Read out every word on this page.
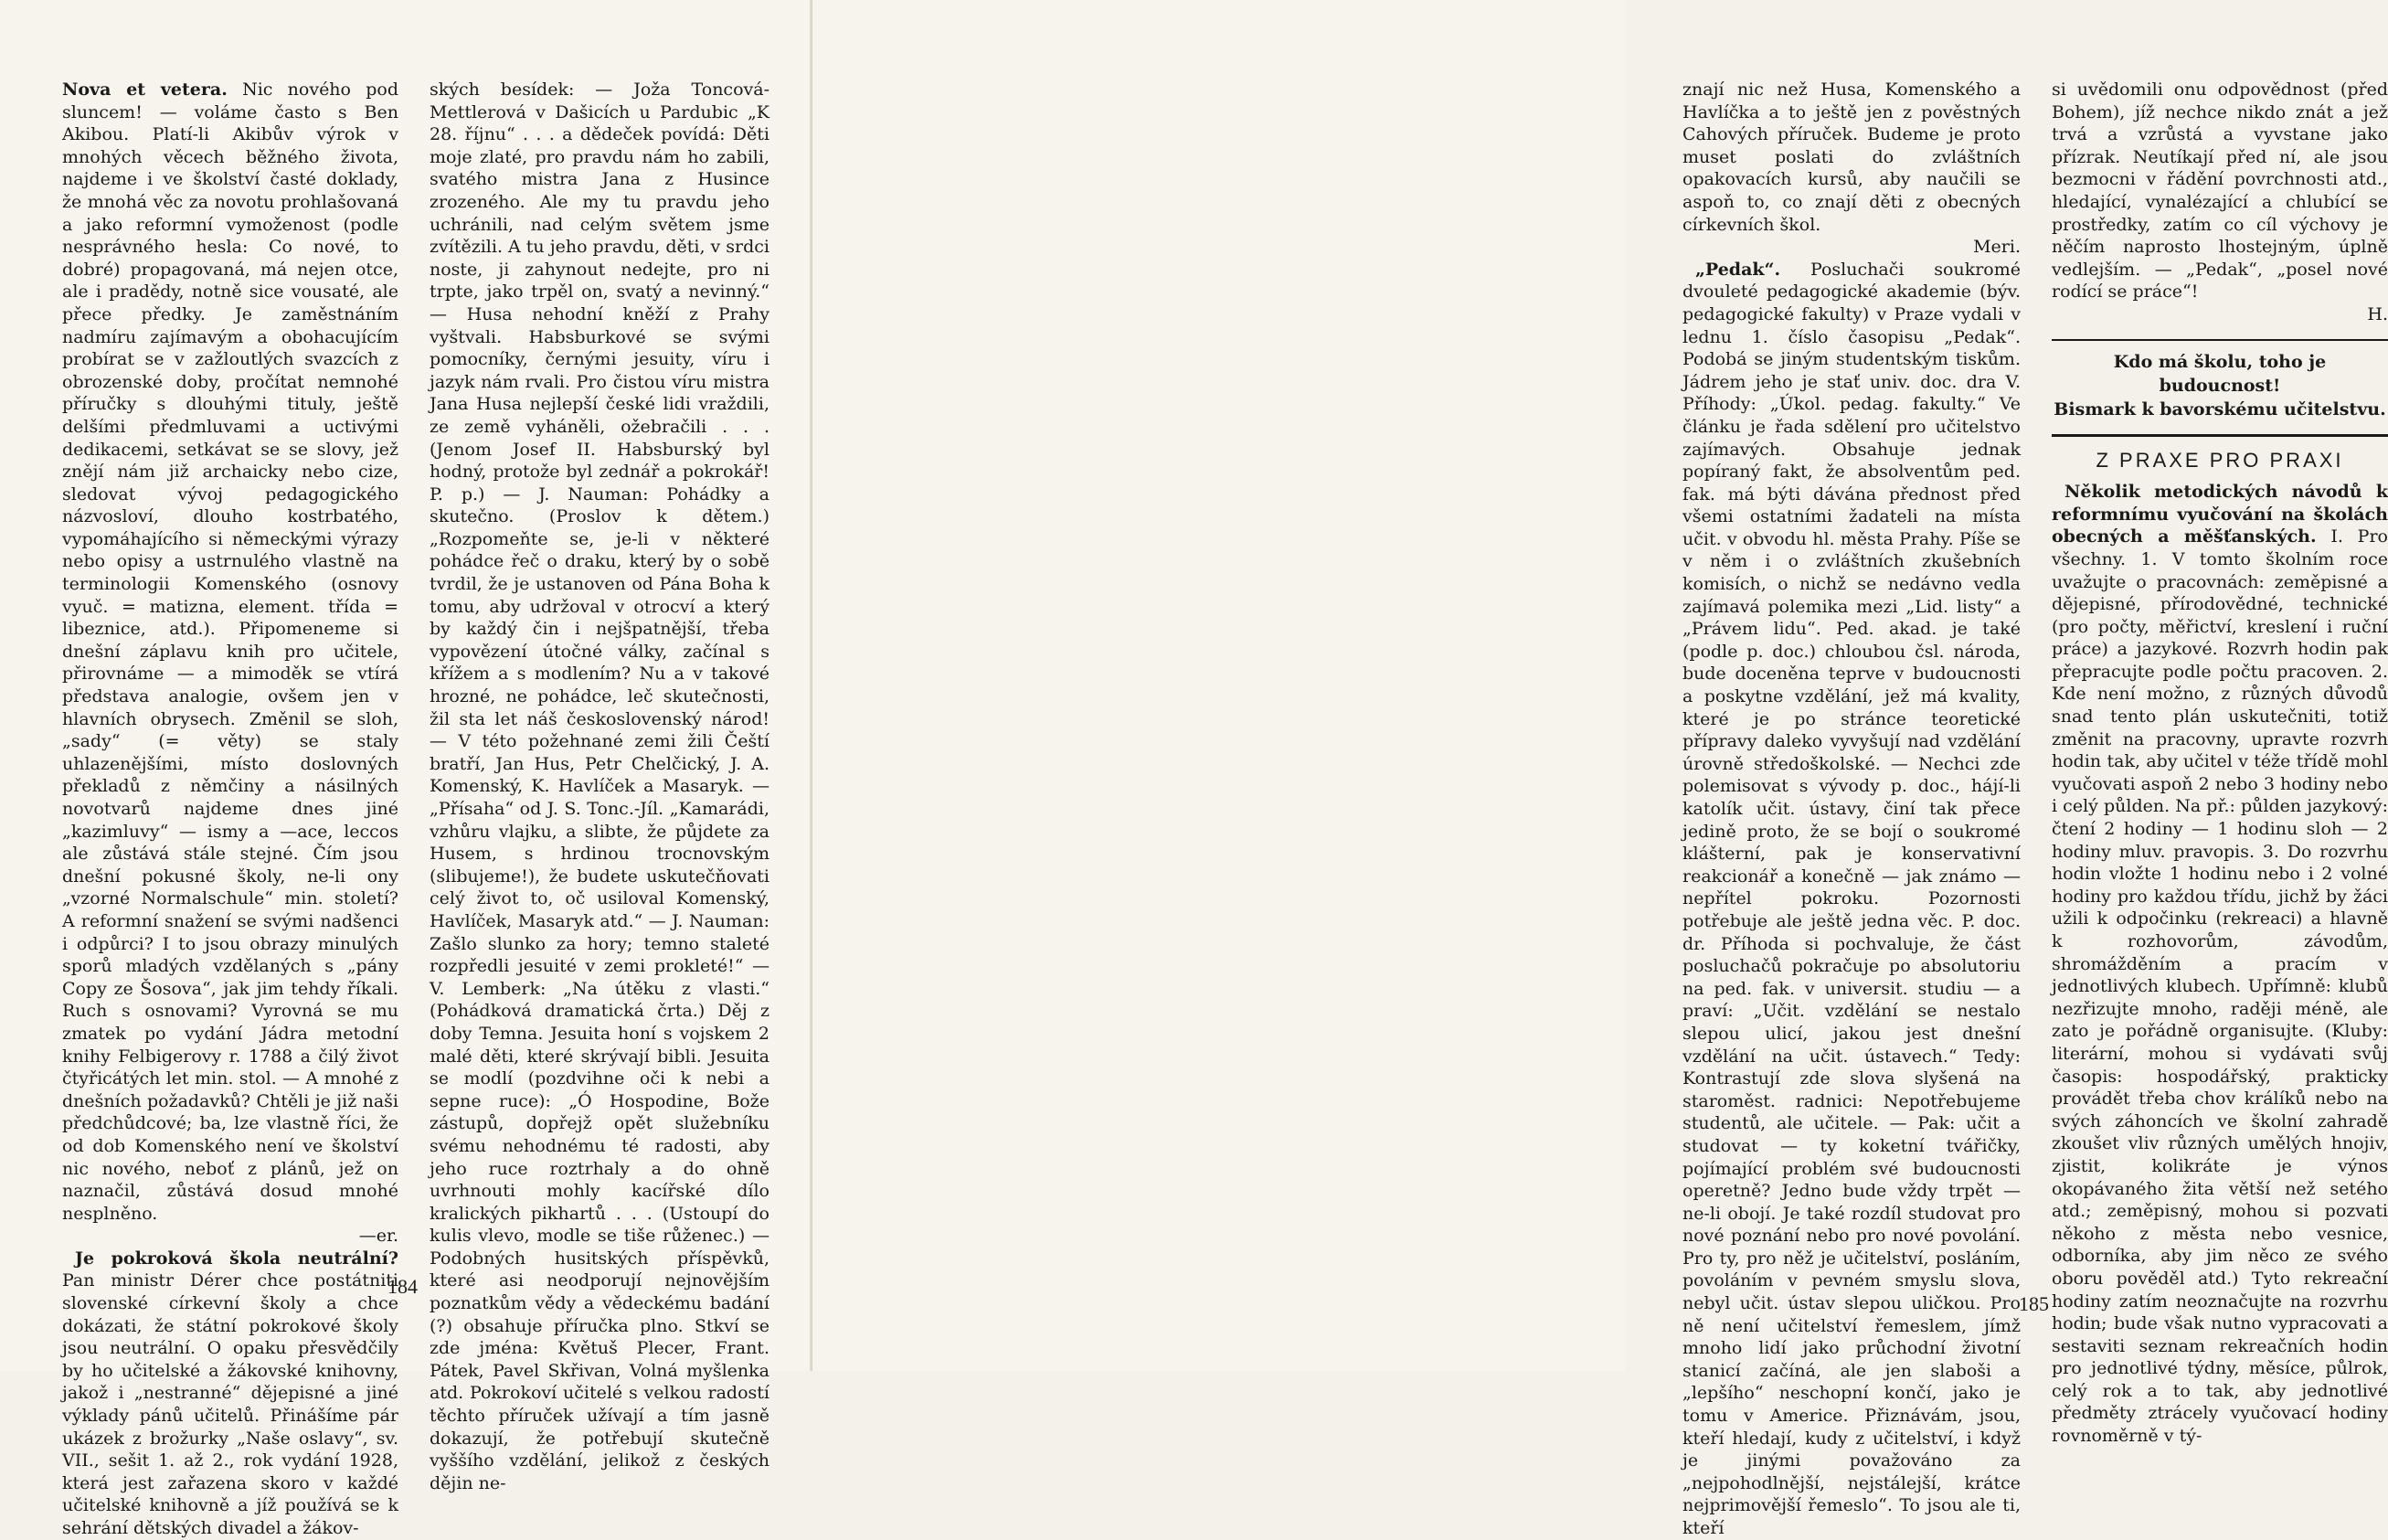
Nova et vetera. Nic nového pod sluncem! — voláme často s Ben Akibou. Platí-li Akibův výrok v mnohých věcech běžného života, najdeme i ve školství časté doklady, že mnohá věc za novotu prohlašovaná a jako reformní vymoženost (podle nesprávného hesla: Co nové, to dobré) propagovaná, má nejen otce, ale i pradědy, notně sice vousaté, ale přece předky. Je zaměstnáním nadmíru zajímavým a obohacujícím probírat se v zažloutlých svazcích z obrozenské doby, pročítat nemnohé příručky s dlouhými tituly, ještě delšími předmluvami a uctivými dedikacemi, setkávat se se slovy, jež znějí nám již archaicky nebo cize, sledovat vývoj pedagogického názvosloví, dlouho kostrbatého, vypomáhajícího si německými výrazy nebo opisy a ustrnulého vlastně na terminologii Komenského (osnovy vyuč. = matizna, element. třída = libeznice, atd.). Připomeneme si dnešní záplavu knih pro učitele, přirovnáme — a mimoděk se vtírá představa analogie, ovšem jen v hlavních obrysech. Změnil se sloh, „sady“ (= věty) se staly uhlazenějšími, místo doslovných překladů z němčiny a násilných novotvarů najdeme dnes jiné „kazimluvy“ — ismy a —ace, leccos ale zůstává stále stejné. Čím jsou dnešní pokusné školy, ne-li ony „vzorné Normalschule“ min. století? A reformní snažení se svými nadšenci i odpůrci? I to jsou obrazy minulých sporů mladých vzdělaných s „pány Copy ze Šosova“, jak jim tehdy říkali. Ruch s osnovami? Vyrovná se mu zmatek po vydání Jádra metodní knihy Felbigerovy r. 1788 a čilý život čtyřicátých let min. stol. — A mnohé z dnešních požadavků? Chtěli je již naši předchůdcové; ba, lze vlastně říci, že od dob Komenského není ve školství nic nového, neboť z plánů, jež on naznačil, zůstává dosud mnohé nesplněno.
—er.

Je pokroková škola neutrální? Pan ministr Dérer chce postátniti slovenské církevní školy a chce dokázati, že státní pokrokové školy jsou neutrální. O opaku přesvědčily by ho učitelské a žákovské knihovny, jakož i „nestranné“ dějepisné a jiné výklady pánů učitelů. Přinášíme pár ukázek z brožurky „Naše oslavy“, sv. VII., sešit 1. až 2., rok vydání 1928, která jest zařazena skoro v každé učitelské knihovně a jíž používá se k sehrání dětských divadel a žákov-

ských besídek: — Joža Toncová-Mettlerová v Dašicích u Pardubic „K 28. říjnu“ . . . a dědeček povídá: Děti moje zlaté, pro pravdu nám ho zabili, svatého mistra Jana z Husince zrozeného. Ale my tu pravdu jeho uchránili, nad celým světem jsme zvítězili. A tu jeho pravdu, děti, v srdci noste, ji zahynout nedejte, pro ni trpte, jako trpěl on, svatý a nevinný.“ — Husa nehodní kněží z Prahy vyštvali. Habsburkové se svými pomocníky, černými jesuity, víru i jazyk nám rvali. Pro čistou víru mistra Jana Husa nejlepší české lidi vraždili, ze země vyháněli, ožebračili . . . (Jenom Josef II. Habsburský byl hodný, protože byl zednář a pokrokář! P. p.) — J. Nauman: Pohádky a skutečno. (Proslov k dětem.) „Rozpomeňte se, je-li v některé pohádce řeč o draku, který by o sobě tvrdil, že je ustanoven od Pána Boha k tomu, aby udržoval v otrocví a který by každý čin i nejšpatnější, třeba vypovězení útočné války, začínal s křížem a s modlením? Nu a v takové hrozné, ne pohádce, leč skutečnosti, žil sta let náš československý národ! — V této požehnané zemi žili Čeští bratří, Jan Hus, Petr Chelčický, J. A. Komenský, K. Havlíček a Masaryk. — „Přísaha“ od J. S. Tonc.-Jíl. „Kamarádi, vzhůru vlajku, a slibte, že půjdete za Husem, s hrdinou trocnovským (slibujeme!), že budete uskutečňovati celý život to, oč usiloval Komenský, Havlíček, Masaryk atd.“ — J. Nauman: Zašlo slunko za hory; temno staleté rozpředli jesuité v zemi prokleté!“ — V. Lemberk: „Na útěku z vlasti.“ (Pohádková dramatická črta.) Děj z doby Temna. Jesuita honí s vojskem 2 malé děti, které skrývají bibli. Jesuita se modlí (pozdvihne oči k nebi a sepne ruce): „Ó Hospodine, Bože zástupů, dopřejž opět služebníku svému nehodnému té radosti, aby jeho ruce roztrhaly a do ohně uvrhnouti mohly kacířské dílo kralických pikhartů . . . (Ustoupí do kulis vlevo, modle se tiše růženec.) — Podobných husitských příspěvků, které asi neodporují nejnovějším poznatkům vědy a vědeckému badání (?) obsahuje příručka plno. Stkví se zde jména: Květuš Plecer, Frant. Pátek, Pavel Skřivan, Volná myšlenka atd. Pokrokoví učitelé s velkou radostí těchto příruček užívají a tím jasně dokazují, že potřebují skutečně vyššího vzdělání, jelikož z českých dějin ne-

184

znají nic než Husa, Komenského a Havlíčka a to ještě jen z pověstných Cahových příruček. Budeme je proto muset poslati do zvláštních opakovacích kursů, aby naučili se aspoň to, co znají děti z obecných církevních škol.
Meri.

„Pedak“. Posluchači soukromé dvouleté pedagogické akademie (býv. pedagogické fakulty) v Praze vydali v lednu 1. číslo časopisu „Pedak“. Podobá se jiným studentským tiskům. Jádrem jeho je stať univ. doc. dra V. Příhody: „Úkol. pedag. fakulty.“ Ve článku je řada sdělení pro učitelstvo zajímavých. Obsahuje jednak popíraný fakt, že absolventům ped. fak. má býti dávána přednost před všemi ostatními žadateli na místa učit. v obvodu hl. města Prahy. Píše se v něm i o zvláštních zkušebních komisích, o nichž se nedávno vedla zajímavá polemika mezi „Lid. listy“ a „Právem lidu“. Ped. akad. je také (podle p. doc.) chloubou čsl. národa, bude doceněna teprve v budoucnosti a poskytne vzdělání, jež má kvality, které je po stránce teoretické přípravy daleko vyvyšují nad vzdělání úrovně středoškolské. — Nechci zde polemisovat s vývody p. doc., hájí-li katolík učit. ústavy, činí tak přece jedině proto, že se bojí o soukromé klášterní, pak je konservativní reakcionář a konečně — jak známo — nepřítel pokroku. Pozornosti potřebuje ale ještě jedna věc. P. doc. dr. Příhoda si pochvaluje, že část posluchačů pokračuje po absolutoriu na ped. fak. v universit. studiu — a praví: „Učit. vzdělání se nestalo slepou ulicí, jakou jest dnešní vzdělání na učit. ústavech.“ Tedy: Kontrastují zde slova slyšená na staroměst. radnici: Nepotřebujeme studentů, ale učitele. — Pak: učit a studovat — ty koketní tvářičky, pojímající problém své budoucnosti operetně? Jedno bude vždy trpět — ne-li obojí. Je také rozdíl studovat pro nové poznání nebo pro nové povolání. Pro ty, pro něž je učitelství, posláním, povoláním v pevném smyslu slova, nebyl učit. ústav slepou uličkou. Pro ně není učitelství řemeslem, jímž mnoho lidí jako průchodní životní stanicí začíná, ale jen slaboši a „lepšího“ neschopní končí, jako je tomu v Americe. Přiznávám, jsou, kteří hledají, kudy z učitelství, i když je jinými považováno za „nejpohodlnější, nejstálejší, krátce nejprimovější řemeslo“. To jsou ale ti, kteří

si uvědomili onu odpovědnost (před Bohem), jíž nechce nikdo znát a jež trvá a vzrůstá a vyvstane jako přízrak. Neutíkají před ní, ale jsou bezmocni v řádění povrchnosti atd., hledající, vynalézající a chlubící se prostředky, zatím co cíl výchovy je něčím naprosto lhostejným, úplně vedlejším. — „Pedak“, „posel nové rodící se práce“!
H.

Kdo má školu, toho je budoucnost!
Bismark k bavorskému učitelstvu.
Z PRAXE PRO PRAXI

Několik metodických návodů k reformnímu vyučování na školách obecných a měšťanských. I. Pro všechny. 1. V tomto školním roce uvažujte o pracovnách: zeměpisné a dějepisné, přírodovědné, technické (pro počty, měřictví, kreslení i ruční práce) a jazykové. Rozvrh hodin pak přepracujte podle počtu pracoven. 2. Kde není možno, z různých důvodů snad tento plán uskutečniti, totiž změnit na pracovny, upravte rozvrh hodin tak, aby učitel v téže třídě mohl vyučovati aspoň 2 nebo 3 hodiny nebo i celý půlden. Na př.: půlden jazykový: čtení 2 hodiny — 1 hodinu sloh — 2 hodiny mluv. pravopis. 3. Do rozvrhu hodin vložte 1 hodinu nebo i 2 volné hodiny pro každou třídu, jichž by žáci užili k odpočinku (rekreaci) a hlavně k rozhovorům, závodům, shromážděním a pracím v jednotlivých klubech. Upřímně: klubů nezřizujte mnoho, raději méně, ale zato je pořádně organisujte. (Kluby: literární, mohou si vydávati svůj časopis: hospodářský, prakticky provádět třeba chov králíků nebo na svých záhoncích ve školní zahradě zkoušet vliv různých umělých hnojiv, zjistit, kolikráte je výnos okopávaného žita větší než setého atd.; zeměpisný, mohou si pozvati někoho z města nebo vesnice, odborníka, aby jim něco ze svého oboru pověděl atd.) Tyto rekreační hodiny zatím neoznačujte na rozvrhu hodin; bude však nutno vypracovati a sestaviti seznam rekreačních hodin pro jednotlivé týdny, měsíce, půlrok, celý rok a to tak, aby jednotlivé předměty ztrácely vyučovací hodiny rovnoměrně v tý-

185
